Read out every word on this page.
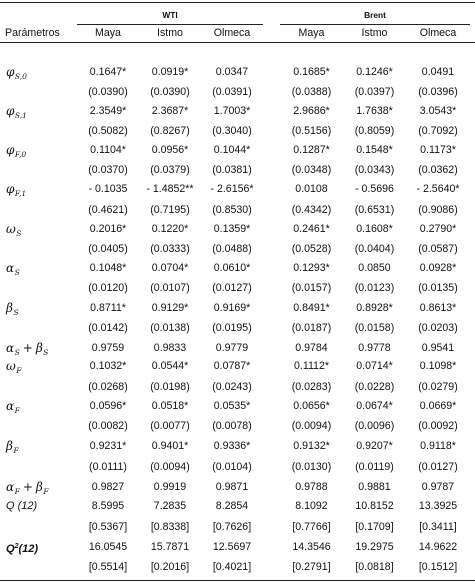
WTI	Brent
Parámetros	Maya	Istmo	Olmeca	Maya	Istmo	Olmeca
$\varphi_{S,0}$	0.1647*	0.0919*	0.0347	0.1685*	0.1246*	0.0491
(0.0390)	(0.0390)	(0.0391)	(0.0388)	(0.0397)	(0.0396)
$\varphi_{S,1}$	2.3549*	2.3687*	1.7003*	2.9686*	1.7638*	3.0543*
(0.5082)	(0.8267)	(0.3040)	(0.5156)	(0.8059)	(0.7092)
$\varphi_{F,0}$	0.1104*	0.0956*	0.1044*	0.1287*	0.1548*	0.1173*
(0.0370)	(0.0379)	(0.0381)	(0.0348)	(0.0343)	(0.0362)
$\varphi_{F,1}$	- 0.1035	- 1.4852**	- 2.6156*	0.0108	- 0.5696	- 2.5640*
(0.4621)	(0.7195)	(0.8530)	(0.4342)	(0.6531)	(0.9086)
$\omega_S$	0.2016*	0.1220*	0.1359*	0.2461*	0.1608*	0.2790*
(0.0405)	(0.0333)	(0.0488)	(0.0528)	(0.0404)	(0.0587)
$\alpha_S$	0.1048*	0.0704*	0.0610*	0.1293*	0.0850	0.0928*
(0.0120)	(0.0107)	(0.0127)	(0.0157)	(0.0123)	(0.0135)
$\beta_S$	0.8711*	0.9129*	0.9169*	0.8491*	0.8928*	0.8613*
(0.0142)	(0.0138)	(0.0195)	(0.0187)	(0.0158)	(0.0203)
$\alpha_S + \beta_S$	0.9759	0.9833	0.9779	0.9784	0.9778	0.9541
$\omega_F$	0.1032*	0.0544*	0.0787*	0.1112*	0.0714*	0.1098*
(0.0268)	(0.0198)	(0.0243)	(0.0283)	(0.0228)	(0.0279)
$\alpha_F$	0.0596*	0.0518*	0.0535*	0.0656*	0.0674*	0.0669*
(0.0082)	(0.0077)	(0.0078)	(0.0094)	(0.0096)	(0.0092)
$\beta_F$	0.9231*	0.9401*	0.9336*	0.9132*	0.9207*	0.9118*
(0.0111)	(0.0094)	(0.0104)	(0.0130)	(0.0119)	(0.0127)
$\alpha_F + \beta_F$	0.9827	0.9919	0.9871	0.9788	0.9881	0.9787
Q (12)	8.5995	7.2835	8.2854	8.1092	10.8152	13.3925
[0.5367]	[0.8338]	[0.7626]	[0.7766]	[0.1709]	[0.3411]
$Q^2(12)$	16.0545	15.7871	12.5697	14.3546	19.2975	14.9622
[0.5514]	[0.2016]	[0.4021]	[0.2791]	[0.0818]	[0.1512]
